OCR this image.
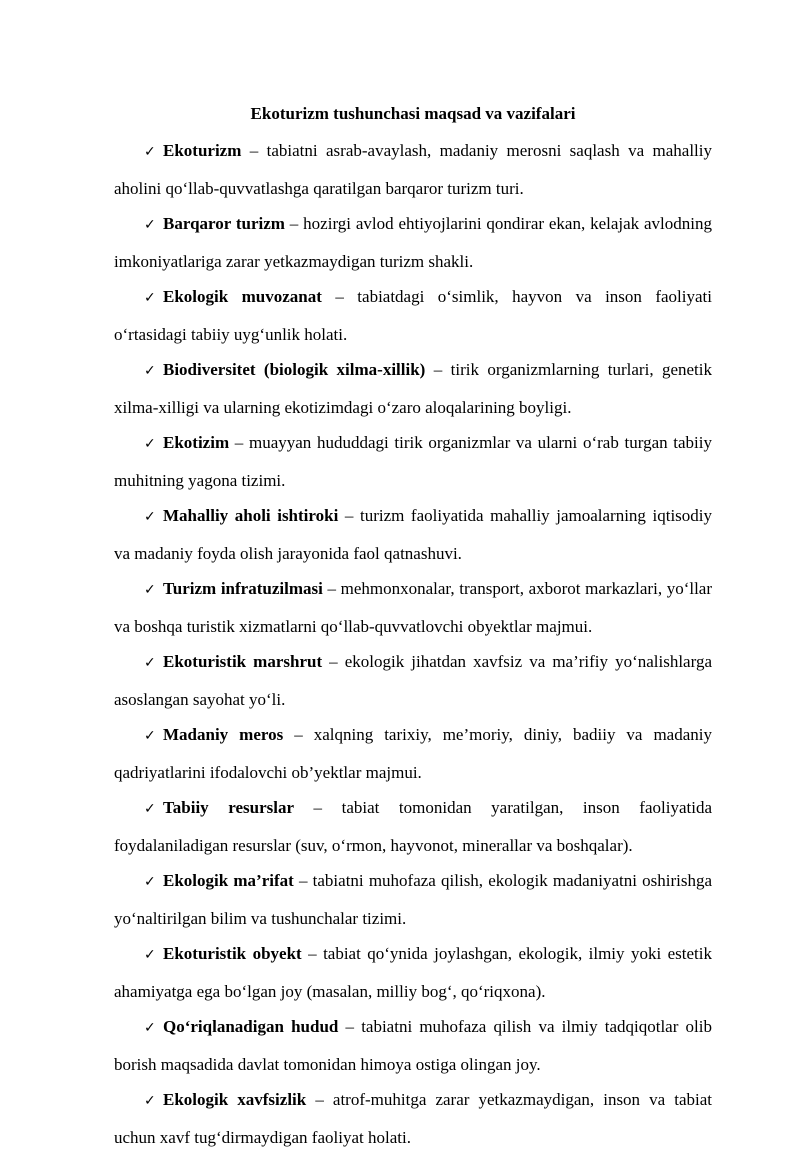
Ekoturizm tushunchasi maqsad va vazifalari

✓ Ekoturizm – tabiatni asrab-avaylash, madaniy merosni saqlash va mahalliy aholini qo‘llab-quvvatlashga qaratilgan barqaror turizm turi.

✓ Barqaror turizm – hozirgi avlod ehtiyojlarini qondirar ekan, kelajak avlodning imkoniyatlariga zarar yetkazmaydigan turizm shakli.

✓ Ekologik muvozanat – tabiatdagi o‘simlik, hayvon va inson faoliyati o‘rtasidagi tabiiy uyg‘unlik holati.

✓ Biodiversitet (biologik xilma-xillik) – tirik organizmlarning turlari, genetik xilma-xilligi va ularning ekotizimdagi o‘zaro aloqalarining boyligi.

✓ Ekotizim – muayyan hududdagi tirik organizmlar va ularni o‘rab turgan tabiiy muhitning yagona tizimi.

✓ Mahalliy aholi ishtiroki – turizm faoliyatida mahalliy jamoalarning iqtisodiy va madaniy foyda olish jarayonida faol qatnashuvi.

✓ Turizm infratuzilmasi – mehmonxonalar, transport, axborot markazlari, yo‘llar va boshqa turistik xizmatlarni qo‘llab-quvvatlovchi obyektlar majmui.

✓ Ekoturistik marshrut – ekologik jihatdan xavfsiz va ma’rifiy yo‘nalishlarga asoslangan sayohat yo‘li.

✓ Madaniy meros – xalqning tarixiy, me’moriy, diniy, badiiy va madaniy qadriyatlarini ifodalovchi ob’yektlar majmui.

✓ Tabiiy resurslar – tabiat tomonidan yaratilgan, inson faoliyatida foydalaniladigan resurslar (suv, o‘rmon, hayvonot, minerallar va boshqalar).

✓ Ekologik ma’rifat – tabiatni muhofaza qilish, ekologik madaniyatni oshirishga yo‘naltirilgan bilim va tushunchalar tizimi.

✓ Ekoturistik obyekt – tabiat qo‘ynida joylashgan, ekologik, ilmiy yoki estetik ahamiyatga ega bo‘lgan joy (masalan, milliy bog‘, qo‘riqxona).

✓ Qo‘riqlanadigan hudud – tabiatni muhofaza qilish va ilmiy tadqiqotlar olib borish maqsadida davlat tomonidan himoya ostiga olingan joy.

✓ Ekologik xavfsizlik – atrof-muhitga zarar yetkazmaydigan, inson va tabiat uchun xavf tug‘dirmaydigan faoliyat holati.
